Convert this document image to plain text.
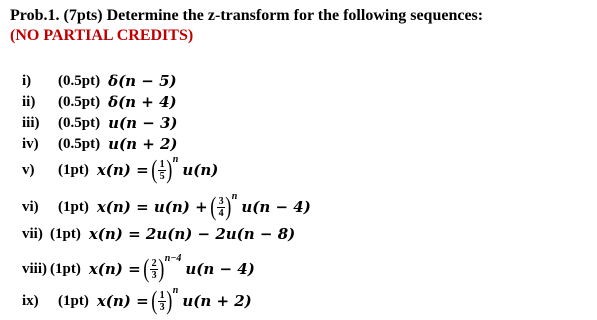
Prob.1. (7pts) Determine the z-transform for the following sequences:
(NO PARTIAL CREDITS)
i)	(0.5pt) δ(n − 5)
ii)	(0.5pt) δ(n + 4)
iii)	(0.5pt) u(n − 3)
iv)	(0.5pt) u(n + 2)
v)	(1pt) x(n) =
( $\frac{1}{5}$ ) n
u(n)
vi)	(1pt) x(n) = u(n) +
( $\frac{3}{4}$ ) n
u(n − 4)
vii) (1pt) x(n) = 2u(n) − 2u(n − 8)
viii) (1pt) x(n) =
( $\frac{2}{3}$ ) n−4
u(n − 4)
ix)	(1pt) x(n) =
( $\frac{1}{3}$ ) n
u(n + 2)
